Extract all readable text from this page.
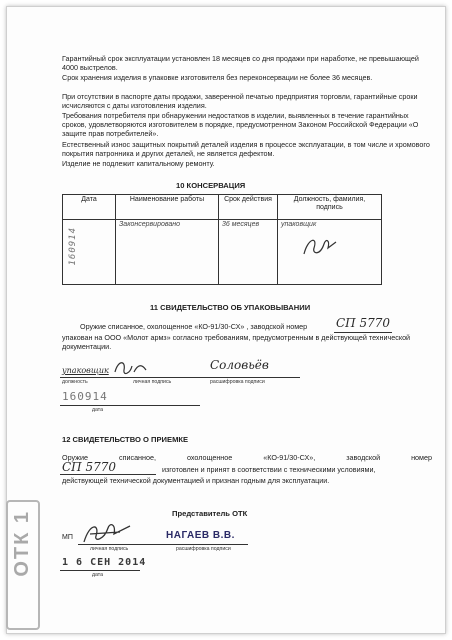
Гарантийный срок эксплуатации установлен 18 месяцев со дня продажи при наработке, не превышающей 4000 выстрелов.

Срок хранения изделия в упаковке изготовителя без переконсервации не более 36 месяцев.

При отсутствии в паспорте даты продажи, заверенной печатью предприятия торговли, гарантийные сроки исчисляются с даты изготовления изделия.

Требования потребителя при обнаружении недостатков в изделии, выявленных в течение гарантийных сроков, удовлетворяются изготовителем в порядке, предусмотренном Законом Российской Федерации «О защите прав потребителей».

Естественный износ защитных покрытий деталей изделия в процессе эксплуатации, в том числе и хромового покрытия патронника и других деталей, не является дефектом.

Изделие не подлежит капитальному ремонту.

10 КОНСЕРВАЦИЯ

Дата	Наименование работы	Срок действия	Должность, фамилия, подпись

160914	Законсервировано	36 месяцев	упаковщик

11 СВИДЕТЕЛЬСТВО ОБ УПАКОВЫВАНИИ

Оружие списанное, охолощенное «КО-91/30-СХ» , заводской номер	СП 5770

упакован на ООО «Молот армз» согласно требованиям, предусмотренным в действующей технической документации.

упаковщик	Соловьёв
должность	личная подпись	расшифровка подписи
160914
дата

12 СВИДЕТЕЛЬСТВО О ПРИЕМКЕ

Оружие	списанное,	охолощенное	«КО-91/30-СХ»,	заводской	номер
СП 5770	изготовлен и принят в соответствии с техническими условиями,

действующей технической документацией и признан годным для эксплуатации.

Представитель ОТК

МП	НАГАЕВ В.В.
личная подпись	расшифровка подписи
1 6 СЕН 2014
дата
ОТК 1
